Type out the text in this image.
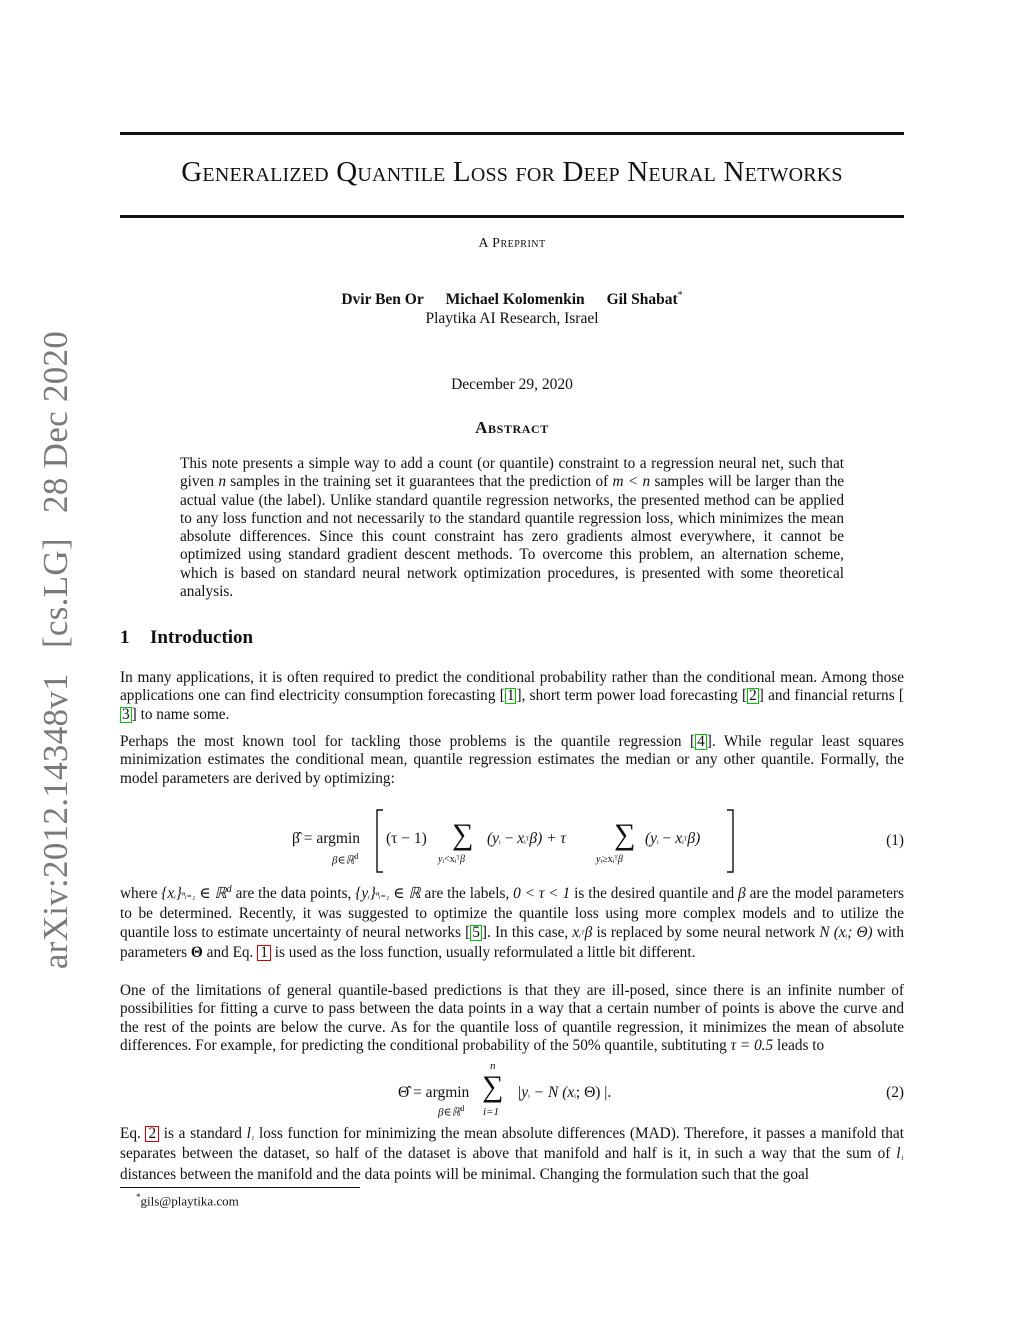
arXiv:2012.14348v1 [cs.LG] 28 Dec 2020
Generalized Quantile Loss for Deep Neural Networks
A Preprint
Dvir Ben Or Michael Kolomenkin Gil Shabat*
Playtika AI Research, Israel
December 29, 2020
Abstract
This note presents a simple way to add a count (or quantile) constraint to a regression neural net, such that given n samples in the training set it guarantees that the prediction of m < n samples will be larger than the actual value (the label). Unlike standard quantile regression networks, the presented method can be applied to any loss function and not necessarily to the standard quantile regression loss, which minimizes the mean absolute differences. Since this count constraint has zero gradients almost everywhere, it cannot be optimized using standard gradient descent methods. To overcome this problem, an alternation scheme, which is based on standard neural network optimization procedures, is presented with some theoretical analysis.
1 Introduction
In many applications, it is often required to predict the conditional probability rather than the conditional mean. Among those applications one can find electricity consumption forecasting [ 1 ], short term power load forecasting [ 2 ] and financial returns [3 ] to name some.
Perhaps the most known tool for tackling those problems is the quantile regression [ 4 ]. While regular least squares minimization estimates the conditional mean, quantile regression estimates the median or any other quantile. Formally, the model parameters are derived by optimizing:
β̂ = argmin
β∈ℝ$^d$
(τ − 1) ∑
yᵢ<xᵢᵀβ
(yᵢ − xᵢᵀβ) + τ ∑
yᵢ≥xᵢᵀβ
(yᵢ − xᵢᵀβ)	(1)
where {xᵢ}ⁿᵢ₌₁ ∈ ℝ$^d$ are the data points, {yᵢ}ⁿᵢ₌₁ ∈ ℝ are the labels, 0 < τ < 1 is the desired quantile and β are the model parameters to be determined. Recently, it was suggested to optimize the quantile loss using more complex models and to utilize the quantile loss to estimate uncertainty of neural networks [ 5 ]. In this case, xᵢᵀβ is replaced by some neural network N (xᵢ; Θ) with parameters Θ and Eq. 1 is used as the loss function, usually reformulated a little bit different.
One of the limitations of general quantile-based predictions is that they are ill-posed, since there is an infinite number of possibilities for fitting a curve to pass between the data points in a way that a certain number of points is above the curve and the rest of the points are below the curve. As for the quantile loss of quantile regression, it minimizes the mean of absolute differences. For example, for predicting the conditional probability of the 50% quantile, subtituting τ = 0.5 leads to
Θ̂ = argmin
β∈ℝ$^d$
n
∑
i=1
|yᵢ − N (xᵢ; Θ) |.	(2)
Eq. 2 is a standard l₁ loss function for minimizing the mean absolute differences (MAD). Therefore, it passes a manifold that separates between the dataset, so half of the dataset is above that manifold and half is it, in such a way that the sum of l₁ distances between the manifold and the data points will be minimal. Changing the formulation such that the goal
*gils@playtika.com
